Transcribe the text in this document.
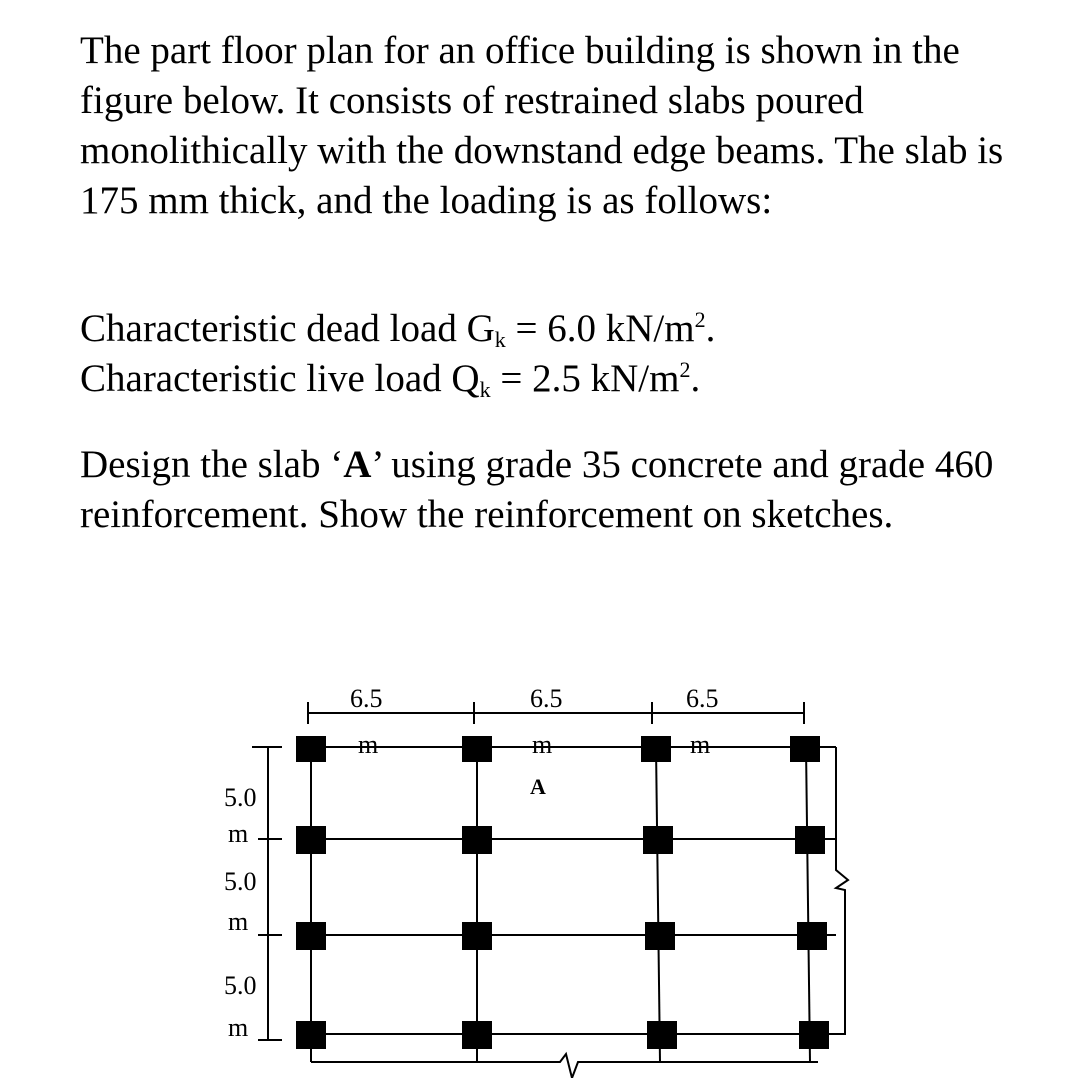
The part floor plan for an office building is shown in the figure below. It consists of restrained slabs poured monolithically with the downstand edge beams. The slab is 175 mm thick, and the loading is as follows:

Characteristic dead load $G_k = 6.0$ $kN/m^2$.
Characteristic live load $Q_k = 2.5$ $kN/m^2$.

Design the slab ‘A’ using grade 35 concrete and grade 460 reinforcement. Show the reinforcement on sketches.

6.5
m
6.5
m
6.5
m
5.0
m
5.0
m
5.0
m
A
